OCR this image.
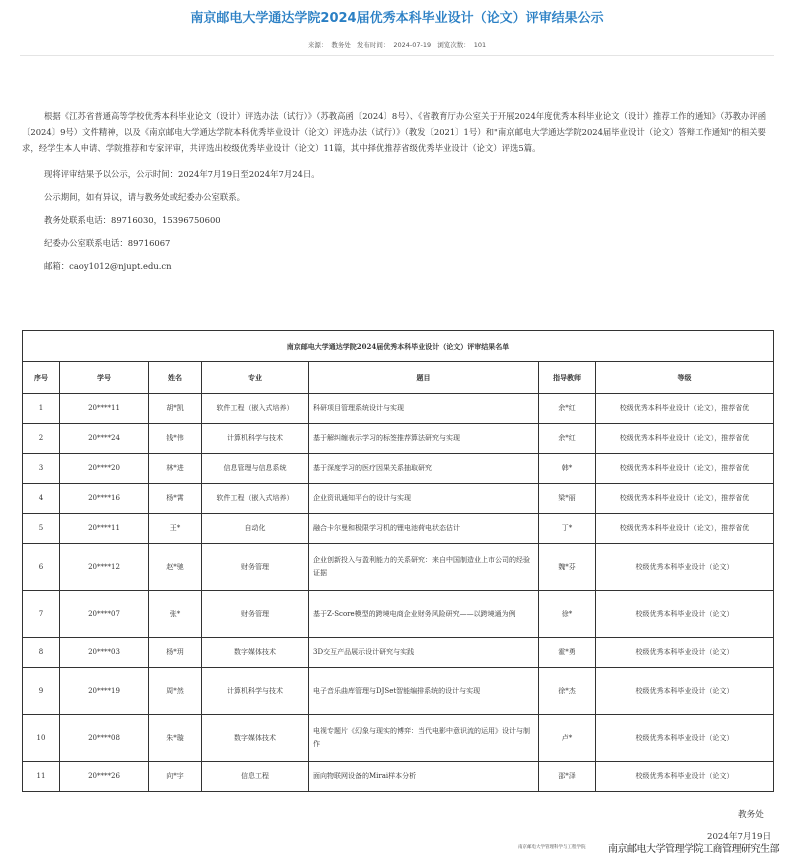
南京邮电大学通达学院2024届优秀本科毕业设计（论文）评审结果公示
来源： 教务处 发布时间： 2024-07-19 浏览次数： 101

根据《江苏省普通高等学校优秀本科毕业论文（设计）评选办法（试行）》（苏教高函〔2024〕8号）、《省教育厅办公室关于开展2024年度优秀本科毕业论文（设计）推荐工作的通知》（苏教办评函〔2024〕9号）文件精神，以及《南京邮电大学通达学院本科优秀毕业设计（论文）评选办法（试行）》（教发〔2021〕1号）和"南京邮电大学通达学院2024届毕业设计（论文）答辩工作通知"的相关要求，经学生本人申请、学院推荐和专家评审，共评选出校级优秀毕业设计（论文）11篇，其中择优推荐省级优秀毕业设计（论文）评选5篇。

现将评审结果予以公示，公示时间：2024年7月19日至2024年7月24日。
公示期间，如有异议，请与教务处或纪委办公室联系。
教务处联系电话：89716030，15396750600
纪委办公室联系电话：89716067
邮箱：caoy1012@njupt.edu.cn
南京邮电大学通达学院2024届优秀本科毕业设计（论文）评审结果名单						
序号	学号	姓名	专业	题目	指导教师	等级
1	20****11	胡*凯	软件工程（嵌入式培养）	科研项目管理系统设计与实现	余*红	校级优秀本科毕业设计（论文），推荐省优
2	20****24	钱*伟	计算机科学与技术	基于解纠缠表示学习的标签推荐算法研究与实现	余*红	校级优秀本科毕业设计（论文），推荐省优
3	20****20	林*进	信息管理与信息系统	基于深度学习的医疗因果关系抽取研究	韩*	校级优秀本科毕业设计（论文），推荐省优
4	20****16	杨*霄	软件工程（嵌入式培养）	企业资讯通知平台的设计与实现	梁*丽	校级优秀本科毕业设计（论文），推荐省优
5	20****11	王*	自动化	融合卡尔曼和极限学习机的锂电池荷电状态估计	丁*	校级优秀本科毕业设计（论文），推荐省优
6	20****12	赵*驰	财务管理	企业创新投入与盈利能力的关系研究：来自中国制造业上市公司的经验证据	魏*芬	校级优秀本科毕业设计（论文）
7	20****07	张*	财务管理	基于Z-Score模型的跨境电商企业财务风险研究——以跨境通为例	徐*	校级优秀本科毕业设计（论文）
8	20****03	杨*玥	数字媒体技术	3D交互产品展示设计研究与实践	霍*勇	校级优秀本科毕业设计（论文）
9	20****19	周*然	计算机科学与技术	电子音乐曲库管理与DJSet智能编排系统的设计与实现	徐*杰	校级优秀本科毕业设计（论文）
10	20****08	朱*璇	数字媒体技术	电视专题片《幻象与现实的博弈：当代电影中意识流的运用》设计与制作	卢*	校级优秀本科毕业设计（论文）
11	20****26	向*宇	信息工程	面向物联网设备的Mirai样本分析	邵*泽	校级优秀本科毕业设计（论文）
教务处
2024年7月19日
南京邮电大学管理科学与工程学院 南京邮电大学管理学院工商管理研究生部
